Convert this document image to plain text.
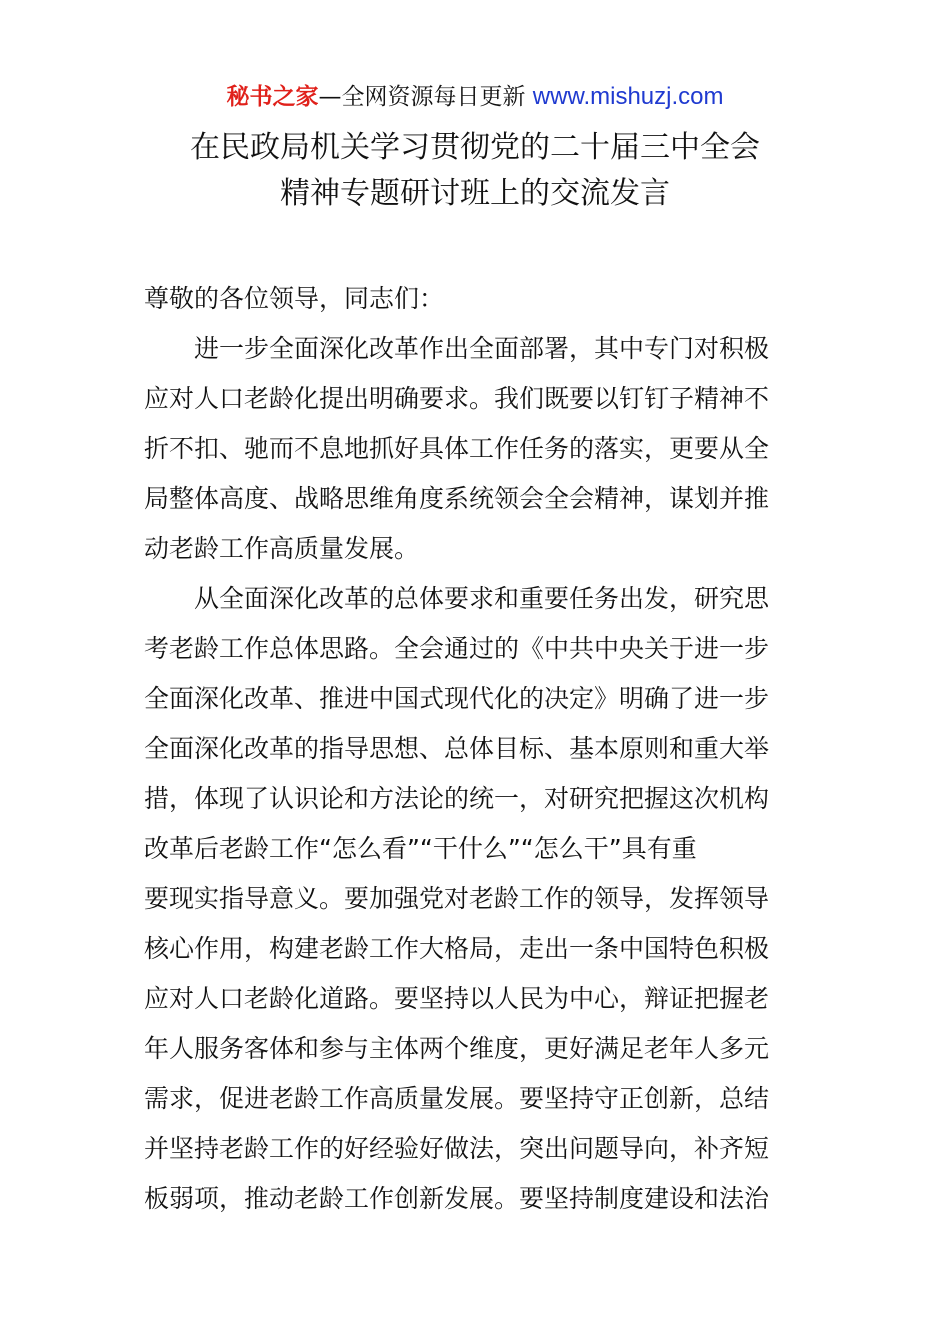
秘书之家—全网资源每日更新 www.mishuzj.com
在民政局机关学习贯彻党的二十届三中全会
精神专题研讨班上的交流发言
尊敬的各位领导，同志们：
进一步全面深化改革作出全面部署，其中专门对积极
应对人口老龄化提出明确要求。我们既要以钉钉子精神不
折不扣、驰而不息地抓好具体工作任务的落实，更要从全
局整体高度、战略思维角度系统领会全会精神，谋划并推
动老龄工作高质量发展。
从全面深化改革的总体要求和重要任务出发，研究思
考老龄工作总体思路。全会通过的《中共中央关于进一步
全面深化改革、推进中国式现代化的决定》明确了进一步
全面深化改革的指导思想、总体目标、基本原则和重大举
措，体现了认识论和方法论的统一，对研究把握这次机构
改革后老龄工作“怎么看”“干什么”“怎么干”具有重
要现实指导意义。要加强党对老龄工作的领导，发挥领导
核心作用，构建老龄工作大格局，走出一条中国特色积极
应对人口老龄化道路。要坚持以人民为中心，辩证把握老
年人服务客体和参与主体两个维度，更好满足老年人多元
需求，促进老龄工作高质量发展。要坚持守正创新，总结
并坚持老龄工作的好经验好做法，突出问题导向，补齐短
板弱项，推动老龄工作创新发展。要坚持制度建设和法治
